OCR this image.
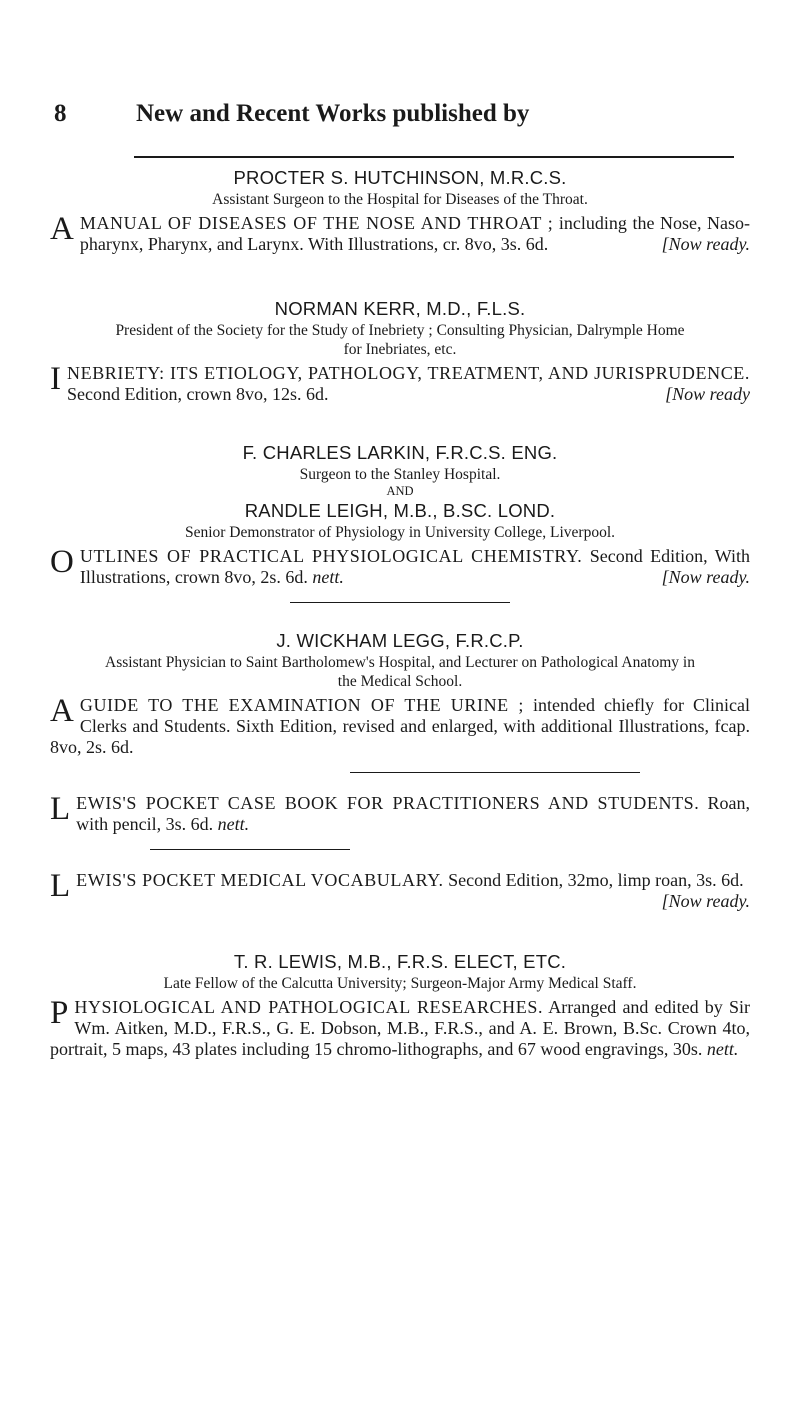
8	New and Recent Works published by

PROCTER S. HUTCHINSON, M.R.C.S.

Assistant Surgeon to the Hospital for Diseases of the Throat.

AMANUAL OF DISEASES OF THE NOSE AND THROAT ; including the Nose, Naso-pharynx, Pharynx, and Larynx. With Illustrations, cr. 8vo, 3s. 6d.	[Now ready.

NORMAN KERR, M.D., F.L.S.

President of the Society for the Study of Inebriety ; Consulting Physician, Dalrymple Home for Inebriates, etc.

INEBRIETY: ITS ETIOLOGY, PATHOLOGY, TREATMENT, AND JURISPRUDENCE. Second Edition, crown 8vo, 12s. 6d.	[Now ready

F. CHARLES LARKIN, F.R.C.S. ENG.

Surgeon to the Stanley Hospital.

AND

RANDLE LEIGH, M.B., B.SC. LOND.

Senior Demonstrator of Physiology in University College, Liverpool.

OUTLINES OF PRACTICAL PHYSIOLOGICAL CHEMISTRY. Second Edition, With Illustrations, crown 8vo, 2s. 6d. nett.	[Now ready.

J. WICKHAM LEGG, F.R.C.P.

Assistant Physician to Saint Bartholomew's Hospital, and Lecturer on Pathological Anatomy in the Medical School.

AGUIDE TO THE EXAMINATION OF THE URINE ; intended chiefly for Clinical Clerks and Students. Sixth Edition, revised and enlarged, with additional Illustrations, fcap. 8vo, 2s. 6d.

LEWIS'S POCKET CASE BOOK FOR PRACTITIONERS AND STUDENTS. Roan, with pencil, 3s. 6d. nett.

LEWIS'S POCKET MEDICAL VOCABULARY. Second Edition, 32mo, limp roan, 3s. 6d.
[Now ready.

T. R. LEWIS, M.B., F.R.S. ELECT, ETC.

Late Fellow of the Calcutta University; Surgeon-Major Army Medical Staff.

PHYSIOLOGICAL AND PATHOLOGICAL RESEARCHES. Arranged and edited by Sir Wm. Aitken, M.D., F.R.S., G. E. Dobson, M.B., F.R.S., and A. E. Brown, B.Sc. Crown 4to, portrait, 5 maps, 43 plates including 15 chromo-lithographs, and 67 wood engravings, 30s. nett.
